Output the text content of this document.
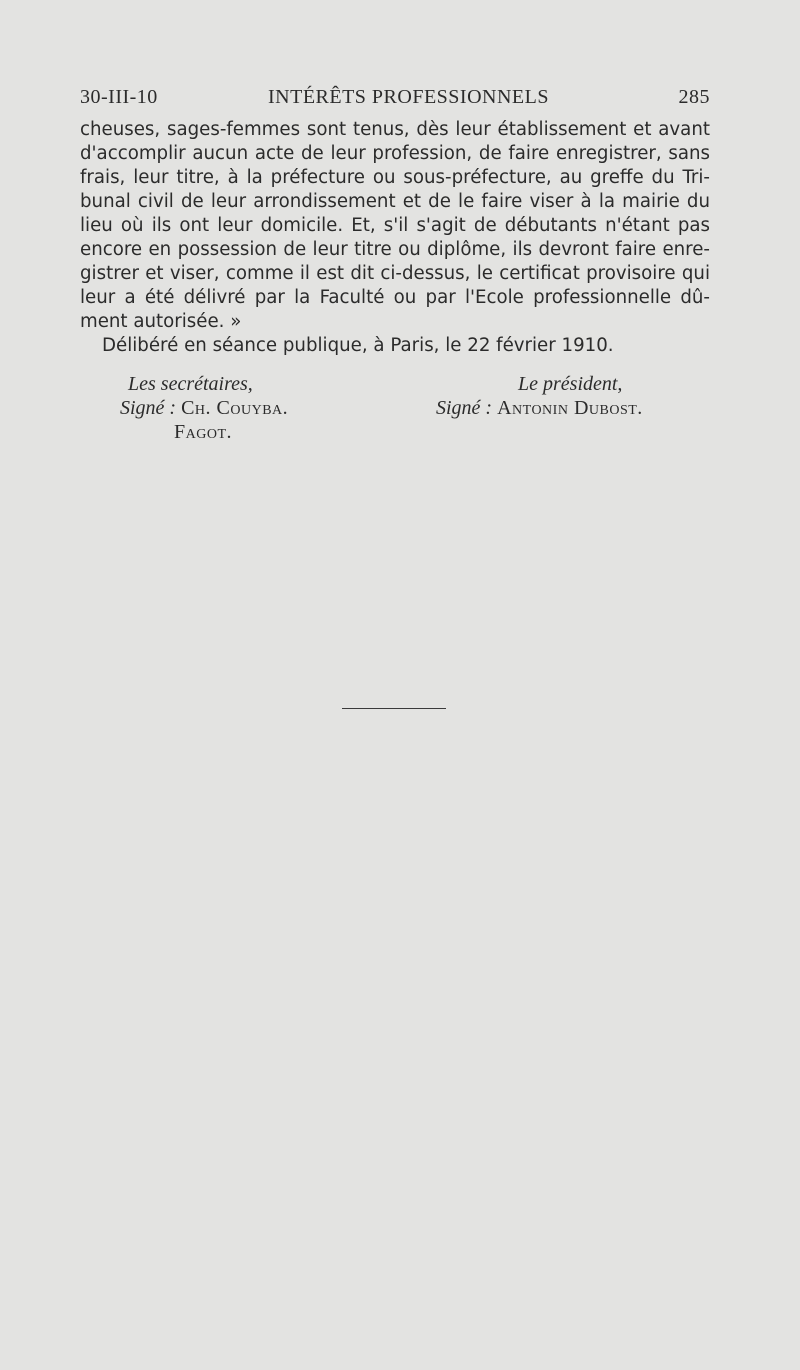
30-III-10	INTÉRÊTS PROFESSIONNELS	285
cheuses, sages-femmes sont tenus, dès leur établissement et avant
d'accomplir aucun acte de leur profession, de faire enregistrer, sans
frais, leur titre, à la préfecture ou sous-préfecture, au greffe du Tri-
bunal civil de leur arrondissement et de le faire viser à la mairie du
lieu où ils ont leur domicile. Et, s'il s'agit de débutants n'étant pas
encore en possession de leur titre ou diplôme, ils devront faire enre-
gistrer et viser, comme il est dit ci-dessus, le certificat provisoire qui
leur a été délivré par la Faculté ou par l'Ecole professionnelle dû-
ment autorisée. »
Délibéré en séance publique, à Paris, le 22 février 1910.
Les secrétaires,
Signé : Ch. Couyba.
Fagot.
Le président,
Signé : Antonin Dubost.
